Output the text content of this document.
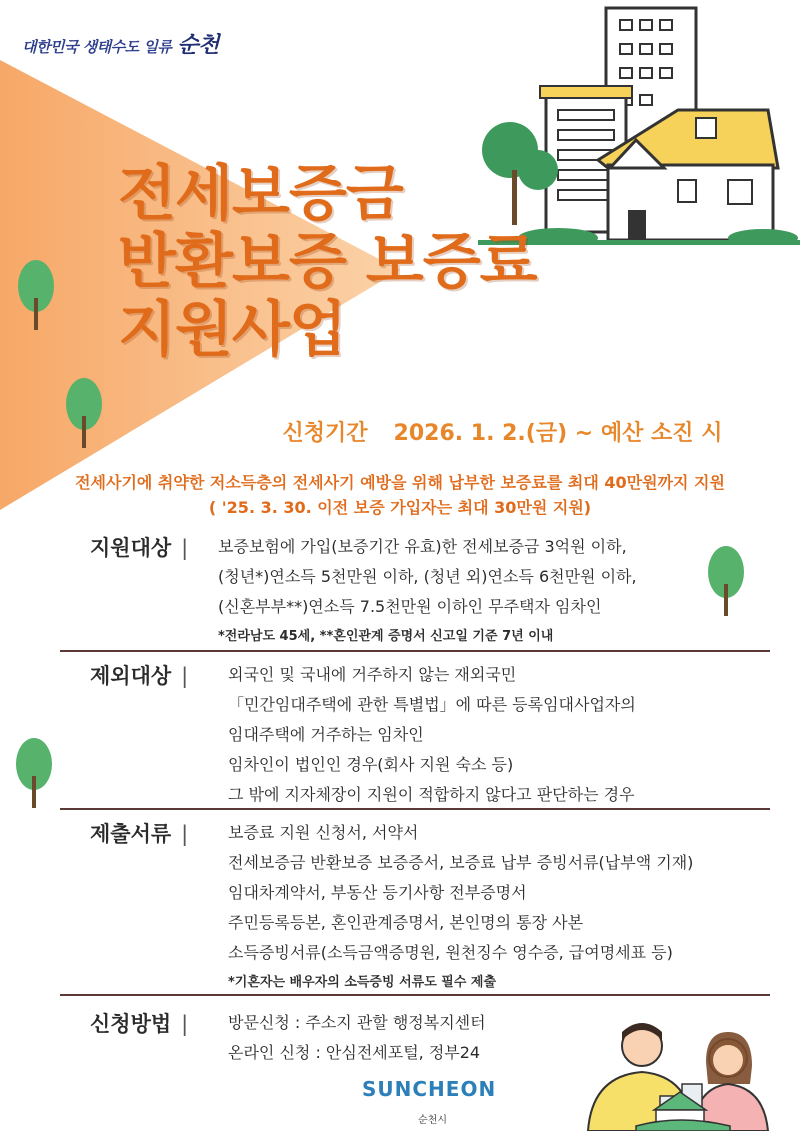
대한민국 생태수도 일류 순천
전세보증금
반환보증 보증료
지원사업
신청기간 2026. 1. 2.(금) ~ 예산 소진 시
전세사기에 취약한 저소득층의 전세사기 예방을 위해 납부한 보증료를 최대 40만원까지 지원
( '25. 3. 30. 이전 보증 가입자는 최대 30만원 지원)
지원대상 | 보증보험에 가입(보증기간 유효)한 전세보증금 3억원 이하,
(청년*)연소득 5천만원 이하, (청년 외)연소득 6천만원 이하,
(신혼부부**)연소득 7.5천만원 이하인 무주택자 임차인
*전라남도 45세, **혼인관계 증명서 신고일 기준 7년 이내
제외대상 | 외국인 및 국내에 거주하지 않는 재외국민
「민간임대주택에 관한 특별법」에 따른 등록임대사업자의
임대주택에 거주하는 임차인
임차인이 법인인 경우(회사 지원 숙소 등)
그 밖에 지자체장이 지원이 적합하지 않다고 판단하는 경우
제출서류 | 보증료 지원 신청서, 서약서
전세보증금 반환보증 보증증서, 보증료 납부 증빙서류(납부액 기재)
임대차계약서, 부동산 등기사항 전부증명서
주민등록등본, 혼인관계증명서, 본인명의 통장 사본
소득증빙서류(소득금액증명원, 원천징수 영수증, 급여명세표 등)
*기혼자는 배우자의 소득증빙 서류도 필수 제출
신청방법 | 방문신청 : 주소지 관할 행정복지센터
온라인 신청 : 안심전세포털, 정부24
SUNCHEON
순천시
